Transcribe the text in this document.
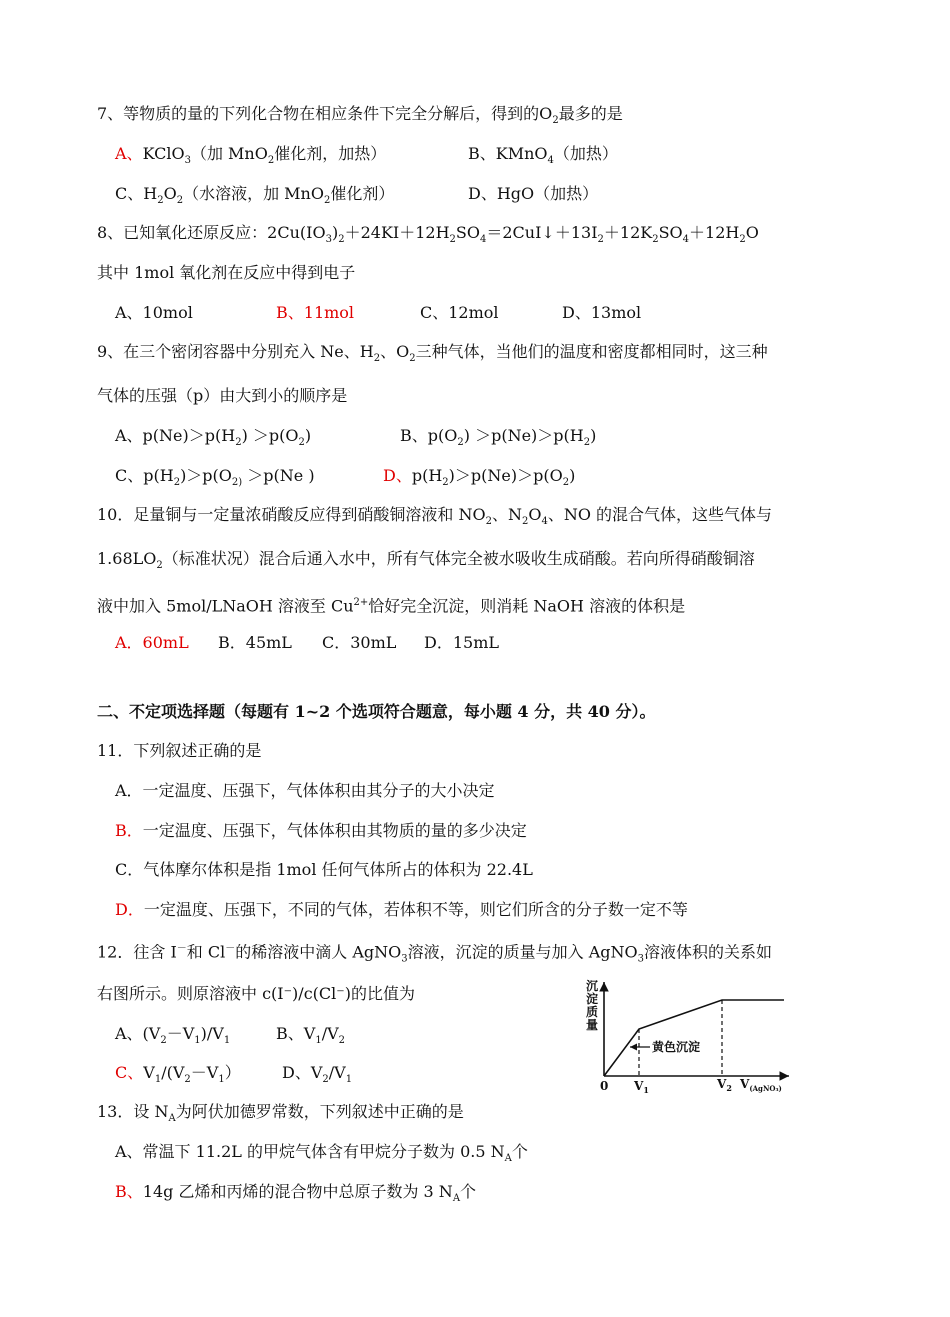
7、等物质的量的下列化合物在相应条件下完全分解后，得到的$O_2$最多的是
A、KClO$_3$（加 MnO$_2$催化剂，加热）	B、KMnO$_4$（加热）
C、$H_2O_2$（水溶液，加 MnO$_2$催化剂）	D、HgO（加热）
8、已知氧化还原反应：$2Cu(IO_3)_2+24KI+12H_2SO_4=2CuI↓+13I_2+12K_2SO_4+12H_2O$
其中 1mol 氧化剂在反应中得到电子
A、10mol	B、11mol	C、12mol	D、13mol
9、在三个密闭容器中分别充入 Ne、$H_2$、$O_2$三种气体，当他们的温度和密度都相同时，这三种
气体的压强（p）由大到小的顺序是
A、$p(Ne)>p(H_2) >p(O_2)$	B、$p(O_2) >p(Ne)>p(H_2)$
C、$p(H_2)>p(O_{2)} >p(Ne$ )	D、$p(H_2)>p(Ne)>p(O_2)$
10．足量铜与一定量浓硝酸反应得到硝酸铜溶液和 $NO_2$、$N_2O_4$、NO 的混合气体，这些气体与
$1.68LO_2$（标准状况）混合后通入水中，所有气体完全被水吸收生成硝酸。若向所得硝酸铜溶
液中加入 5mol/LNaOH 溶液至 $Cu^{2+}$恰好完全沉淀，则消耗 NaOH 溶液的体积是
A．60mL B．45mL C．30mL D．15mL
二、不定项选择题（每题有 1~2 个选项符合题意，每小题 4 分，共 40 分）。
11．下列叙述正确的是
A．一定温度、压强下，气体体积由其分子的大小决定
B．一定温度、压强下，气体体积由其物质的量的多少决定
C．气体摩尔体积是指 1mol 任何气体所占的体积为 22.4L
D．一定温度、压强下，不同的气体，若体积不等，则它们所含的分子数一定不等
12．往含 I－和 Cl－的稀溶液中滴人 AgNO$_3$溶液，沉淀的质量与加入 AgNO$_3$溶液体积的关系如
右图所示。则原溶液中 c(I⁻)/c(Cl⁻)的比值为
A、$(V_2-V_1)/V_1$	B、$V_1/V_2$
C、$V_1/(V_2-V_1)$	D、$V_2/V_1$
沉
淀
质
量
黄色沉淀
0 $V_1$	$V_2$ $V_{(AgNO_3)}$
13．设 $N_A$为阿伏加德罗常数，下列叙述中正确的是
A、常温下 11.2L 的甲烷气体含有甲烷分子数为 0.5 $N_A$个
B、14g 乙烯和丙烯的混合物中总原子数为 3 $N_A$个
